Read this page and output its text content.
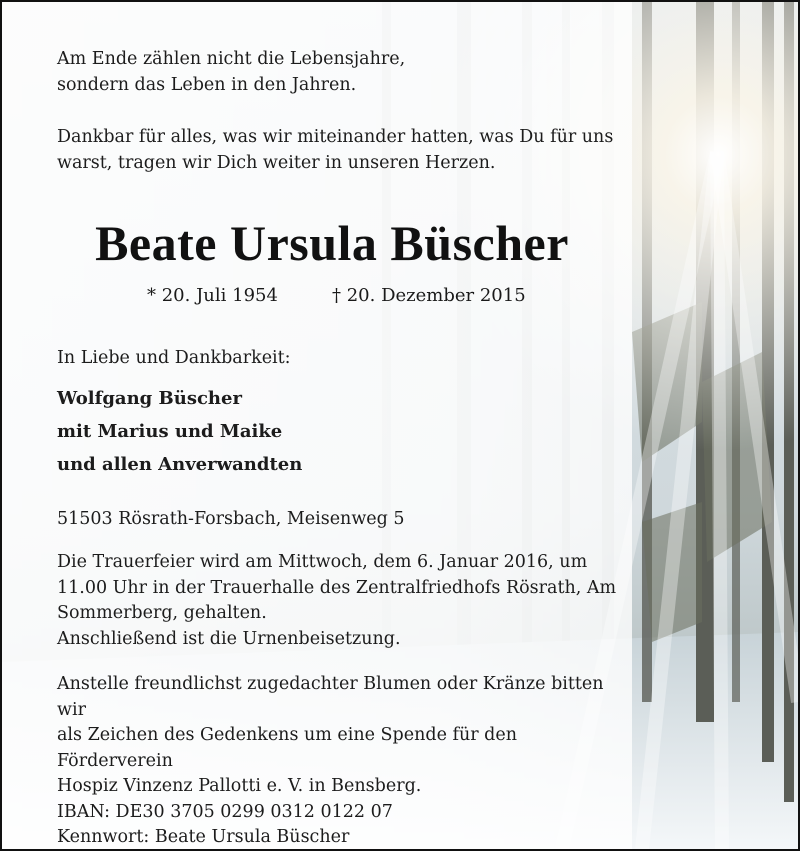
Am Ende zählen nicht die Lebensjahre,

sondern das Leben in den Jahren.

Dankbar für alles, was wir miteinander hatten, was Du für uns

warst, tragen wir Dich weiter in unseren Herzen.

Beate Ursula Büscher
* 20. Juli 1954	† 20. Dezember 2015
In Liebe und Dankbarkeit:

Wolfgang Büscher

mit Marius und Maike

und allen Anverwandten

51503 Rösrath-Forsbach, Meisenweg 5

Die Trauerfeier wird am Mittwoch, dem 6. Januar 2016, um

11.00 Uhr in der Trauerhalle des Zentralfriedhofs Rösrath, Am

Sommerberg, gehalten.

Anschließend ist die Urnenbeisetzung.

Anstelle freundlichst zugedachter Blumen oder Kränze bitten wir

als Zeichen des Gedenkens um eine Spende für den Förderverein

Hospiz Vinzenz Pallotti e. V. in Bensberg.

IBAN: DE30 3705 0299 0312 0122 07

Kennwort: Beate Ursula Büscher
